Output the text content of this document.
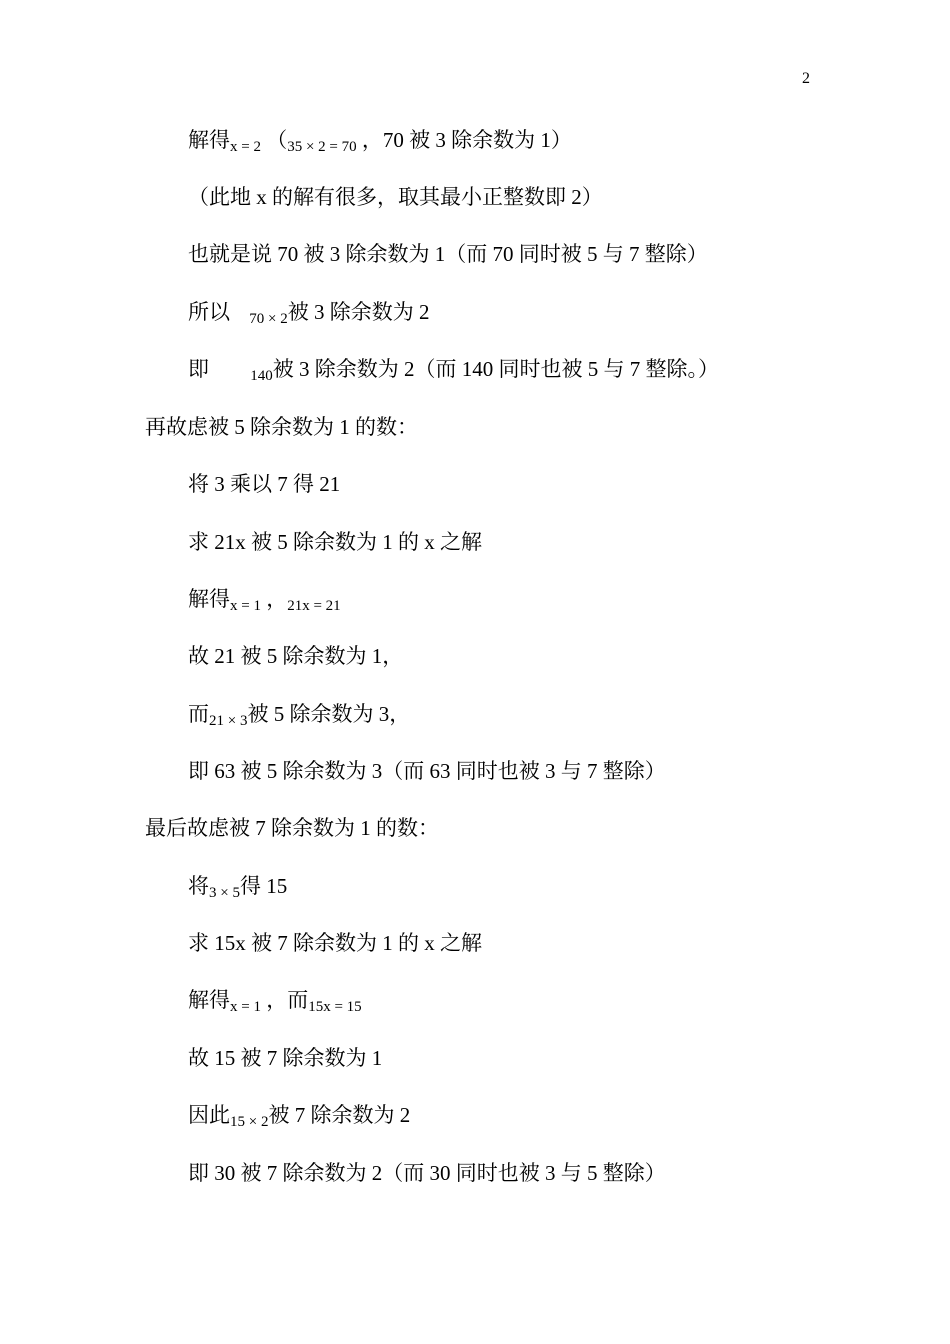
2
解得x = 2 （35 × 2 = 70 ，70 被 3 除余数为 1）
（此地 x 的解有很多，取其最小正整数即 2）
也就是说 70 被 3 除余数为 1（而 70 同时被 5 与 7 整除）
所以 70 × 2被 3 除余数为 2
即	140被 3 除余数为 2（而 140 同时也被 5 与 7 整除。）
再故虑被 5 除余数为 1 的数：
将 3 乘以 7 得 21
求 21x 被 5 除余数为 1 的 x 之解
解得x = 1 ，21x = 21
故 21 被 5 除余数为 1，
而21 × 3被 5 除余数为 3，
即 63 被 5 除余数为 3（而 63 同时也被 3 与 7 整除）
最后故虑被 7 除余数为 1 的数：
将3 × 5得 15
求 15x 被 7 除余数为 1 的 x 之解
解得x = 1 ，而15x = 15
故 15 被 7 除余数为 1
因此15 × 2被 7 除余数为 2
即 30 被 7 除余数为 2（而 30 同时也被 3 与 5 整除）
